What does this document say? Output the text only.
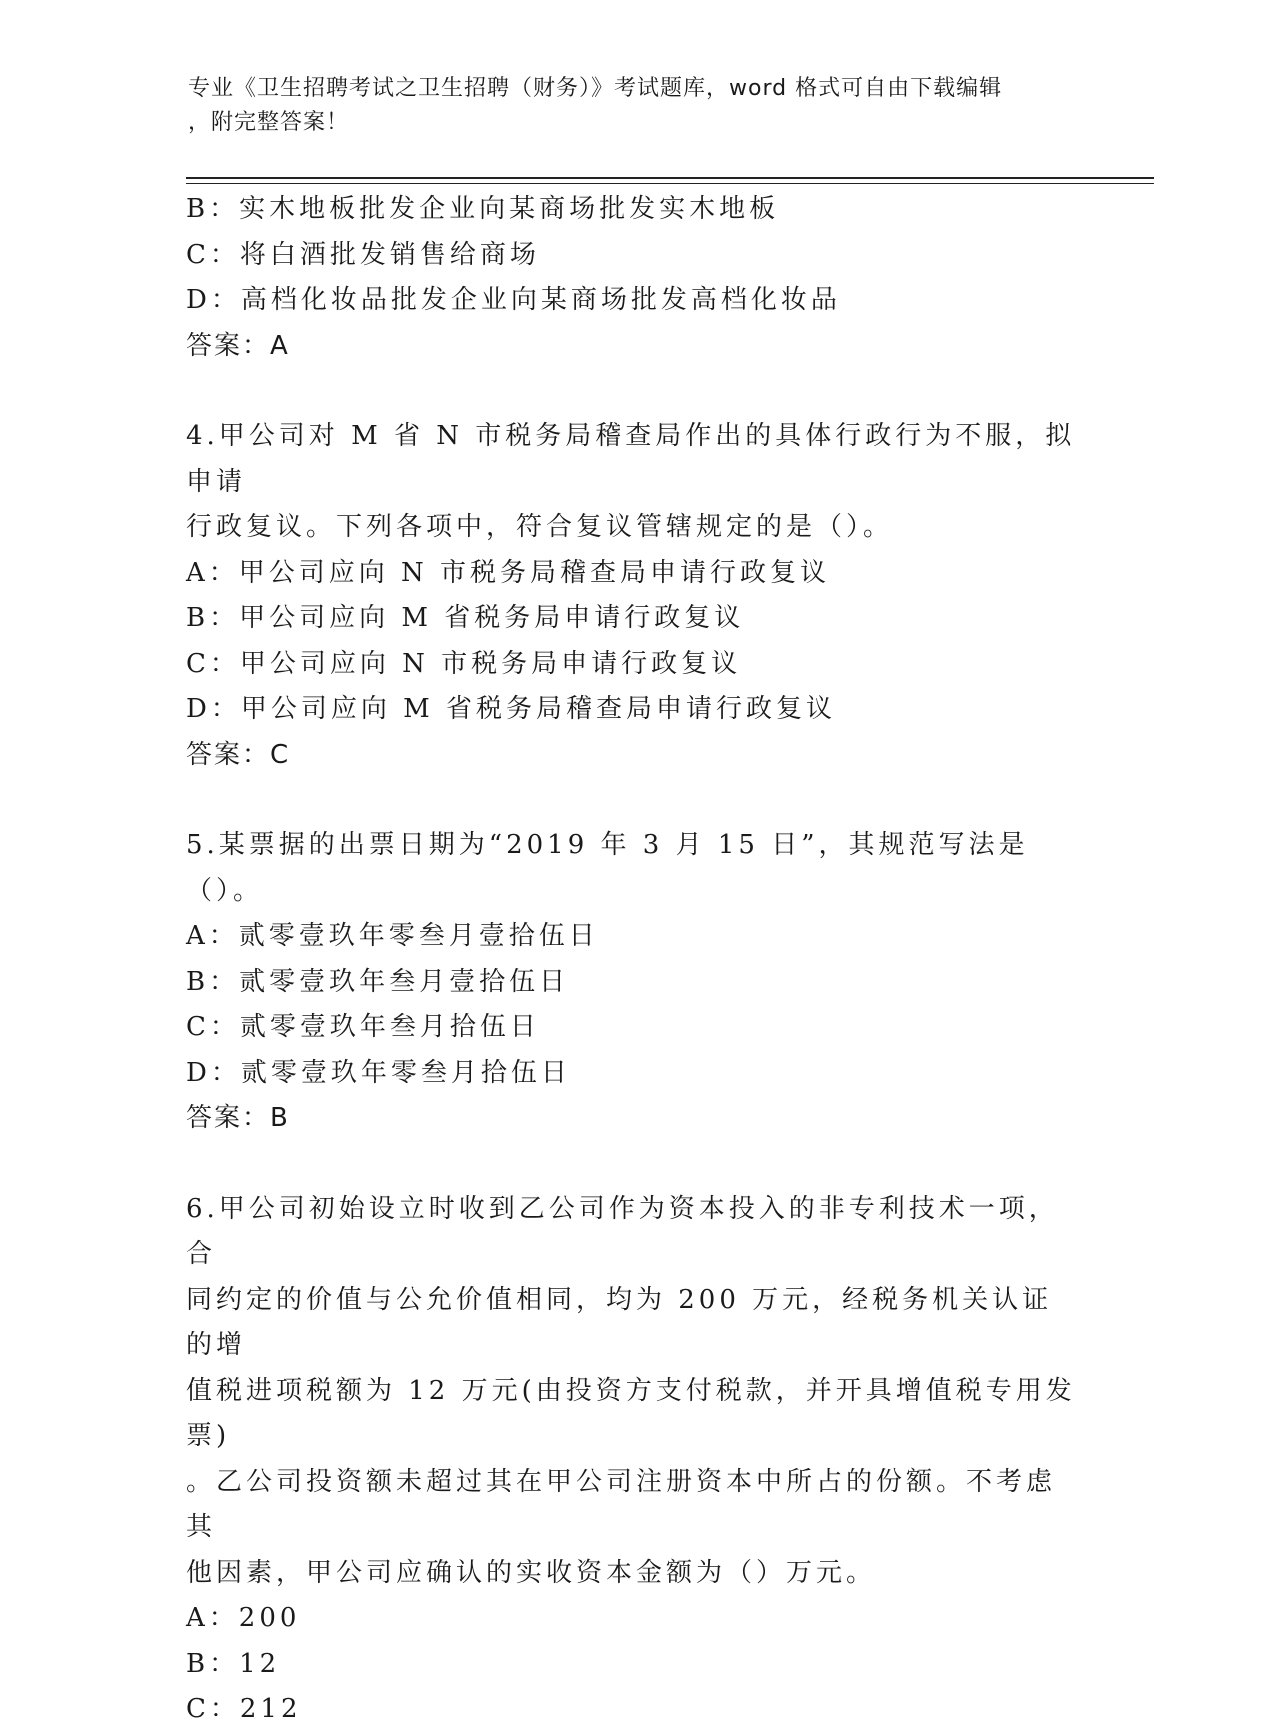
专业《卫生招聘考试之卫生招聘（财务）》考试题库，word 格式可自由下载编辑
，附完整答案！
B：实木地板批发企业向某商场批发实木地板
C：将白酒批发销售给商场
D：高档化妆品批发企业向某商场批发高档化妆品
答案：A
4.甲公司对 M 省 N 市税务局稽查局作出的具体行政行为不服，拟申请
行政复议。下列各项中，符合复议管辖规定的是（）。
A：甲公司应向 N 市税务局稽查局申请行政复议
B：甲公司应向 M 省税务局申请行政复议
C：甲公司应向 N 市税务局申请行政复议
D：甲公司应向 M 省税务局稽查局申请行政复议
答案：C
5.某票据的出票日期为“2019 年 3 月 15 日”，其规范写法是（）。
A：贰零壹玖年零叁月壹拾伍日
B：贰零壹玖年叁月壹拾伍日
C：贰零壹玖年叁月拾伍日
D：贰零壹玖年零叁月拾伍日
答案：B
6.甲公司初始设立时收到乙公司作为资本投入的非专利技术一项，合
同约定的价值与公允价值相同，均为 200 万元，经税务机关认证的增
值税进项税额为 12 万元(由投资方支付税款，并开具增值税专用发票)
。乙公司投资额未超过其在甲公司注册资本中所占的份额。不考虑其
他因素，甲公司应确认的实收资本金额为（）万元。
A：200
B：12
C：212
